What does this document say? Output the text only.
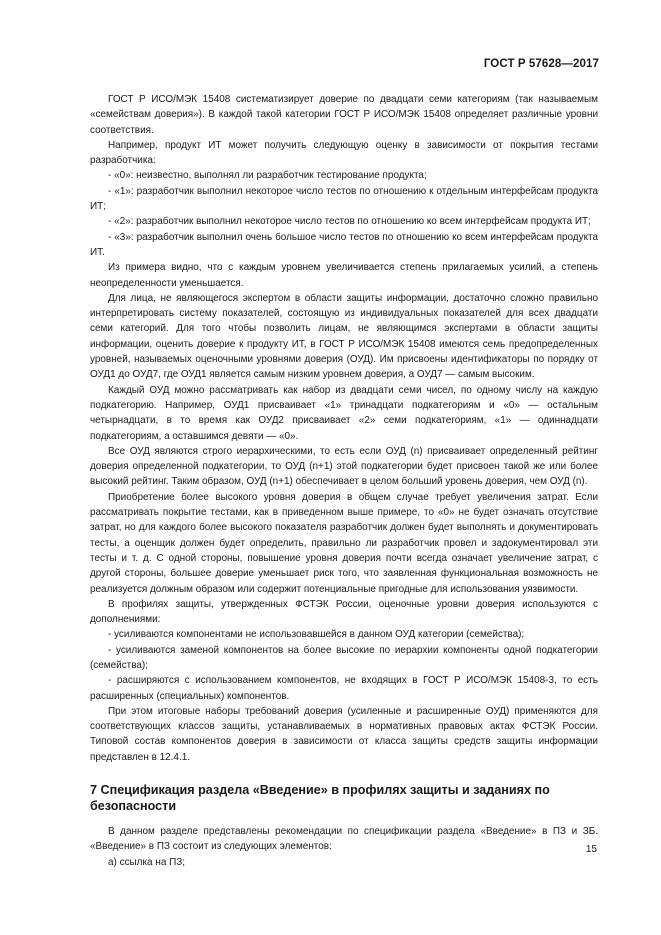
ГОСТ Р 57628—2017

ГОСТ Р ИСО/МЭК 15408 систематизирует доверие по двадцати семи категориям (так называемым «семействам доверия»). В каждой такой категории ГОСТ Р ИСО/МЭК 15408 определяет различные уровни соответствия.

Например, продукт ИТ может получить следующую оценку в зависимости от покрытия тестами разработчика:

- «0»: неизвестно, выполнял ли разработчик тестирование продукта;

- «1»: разработчик выполнил некоторое число тестов по отношению к отдельным интерфейсам продукта ИТ;

- «2»: разработчик выполнил некоторое число тестов по отношению ко всем интерфейсам продукта ИТ;

- «3»: разработчик выполнил очень большое число тестов по отношению ко всем интерфейсам продукта ИТ.

Из примера видно, что с каждым уровнем увеличивается степень прилагаемых усилий, а степень неопределенности уменьшается.

Для лица, не являющегося экспертом в области защиты информации, достаточно сложно правильно интерпретировать систему показателей, состоящую из индивидуальных показателей для всех двадцати семи категорий. Для того чтобы позволить лицам, не являющимся экспертами в области защиты информации, оценить доверие к продукту ИТ, в ГОСТ Р ИСО/МЭК 15408 имеются семь предопределенных уровней, называемых оценочными уровнями доверия (ОУД). Им присвоены идентификаторы по порядку от ОУД1 до ОУД7, где ОУД1 является самым низким уровнем доверия, а ОУД7 — самым высоким.

Каждый ОУД можно рассматривать как набор из двадцати семи чисел, по одному числу на каждую подкатегорию. Например, ОУД1 присваивает «1» тринадцати подкатегориям и «0» — остальным четырнадцати, в то время как ОУД2 присваивает «2» семи подкатегориям, «1» — одиннадцати подкатегориям, а оставшимся девяти — «0».

Все ОУД являются строго иерархическими, то есть если ОУД (n) присваивает определенный рейтинг доверия определенной подкатегории, то ОУД (n+1) этой подкатегории будет присвоен такой же или более высокий рейтинг. Таким образом, ОУД (n+1) обеспечивает в целом больший уровень доверия, чем ОУД (n).

Приобретение более высокого уровня доверия в общем случае требует увеличения затрат. Если рассматривать покрытие тестами, как в приведенном выше примере, то «0» не будет означать отсутствие затрат, но для каждого более высокого показателя разработчик должен будет выполнять и документировать тесты, а оценщик должен будет определить, правильно ли разработчик провел и задокументировал эти тесты и т. д. С одной стороны, повышение уровня доверия почти всегда означает увеличение затрат, с другой стороны, большее доверие уменьшает риск того, что заявленная функциональная возможность не реализуется должным образом или содержит потенциальные пригодные для использования уязвимости.

В профилях защиты, утвержденных ФСТЭК России, оценочные уровни доверия используются с дополнениями:

- усиливаются компонентами не использовавшейся в данном ОУД категории (семейства);

- усиливаются заменой компонентов на более высокие по иерархии компоненты одной подкатегории (семейства);

- расширяются с использованием компонентов, не входящих в ГОСТ Р ИСО/МЭК 15408-3, то есть расширенных (специальных) компонентов.

При этом итоговые наборы требований доверия (усиленные и расширенные ОУД) применяются для соответствующих классов защиты, устанавливаемых в нормативных правовых актах ФСТЭК России. Типовой состав компонентов доверия в зависимости от класса защиты средств защиты информации представлен в 12.4.1.

7 Спецификация раздела «Введение» в профилях защиты и заданиях по безопасности

В данном разделе представлены рекомендации по спецификации раздела «Введение» в ПЗ и ЗБ. «Введение» в ПЗ состоит из следующих элементов:

а) ссылка на ПЗ;

15
